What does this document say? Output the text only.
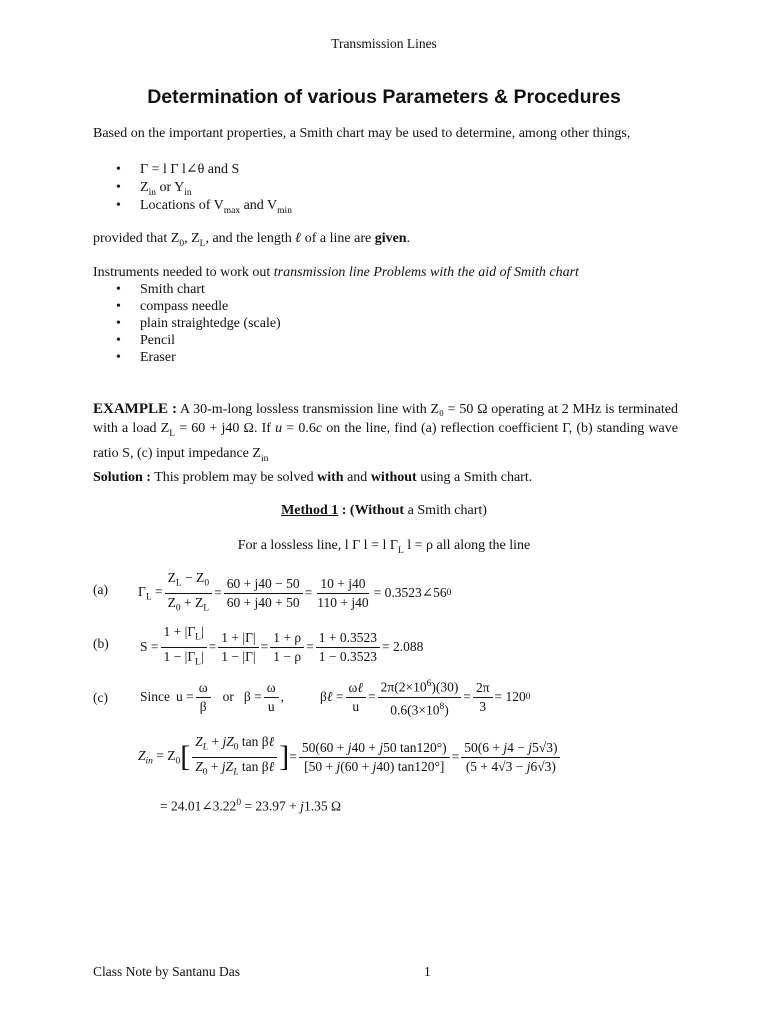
Transmission Lines
Determination of various Parameters & Procedures
Based on the important properties, a Smith chart may be used to determine, among other things,
• Γ = l Γ l∠θ and S
• $Z_{in}$ or $Y_{in}$
• Locations of $V_{max}$ and $V_{min}$
provided that $Z_0$, $Z_L$, and the length ℓ of a line are given.
Instruments needed to work out transmission line Problems with the aid of Smith chart
• Smith chart
• compass needle
• plain straightedge (scale)
• Pencil
• Eraser
EXAMPLE : A 30-m-long lossless transmission line with Z₀ = 50 Ω operating at 2 MHz is terminated with a load $Z_L = 60 + j40$ Ω. If u = 0.6c on the line, find (a) reflection coefficient Γ, (b) standing wave ratio S, (c) input impedance $Z_{in}$
Solution : This problem may be solved with and without using a Smith chart.
Method 1 : (Without a Smith chart)
For a lossless line, l Γ l = l $\Gamma_L$ l = ρ all along the line
(a) $\Gamma_L = \frac{Z_L - Z_0}{Z_0 + Z_L} = \frac{60 + j40 - 50}{60 + j40 + 50} = \frac{10 + j40}{110 + j40}$ = 0.3523∠56 0
(b) $S = \frac{1 + |\Gamma_L|}{1 - |\Gamma_L|} = \frac{1 + |\Gamma|}{1 - |\Gamma|} = \frac{1 + \rho}{1 - \rho} = \frac{1 + 0.3523}{1 - 0.3523} = 2.088$
(c) Since $u = \frac{\omega}{\beta}$ or $\beta = \frac{\omega}{u}$ ,	βℓ = $\frac{\text{ωℓ}}{u} = \frac{2\pi(2\times 10^6)(30)}{0.6(3\times 10^8)} = \frac{2\pi}{3} = 120$ 0
$Z_{in} = Z_0$ [ $\frac{Z_L + jZ_0 \tan \beta\ell}{Z_0 + jZ_L \tan \beta\ell}$ ] = $\frac{50(60 + j40 + j50 \tan 120^\circ)}{[50 + j(60 + j40) \tan 120^\circ]} = \frac{50(6 + j4 - j5√3)}{(5 + 4√3 - j6√3)}$
= $24.01\angle 3.22^0 = 23.97 + j1.35$ Ω
Class Note by Santanu Das	1
